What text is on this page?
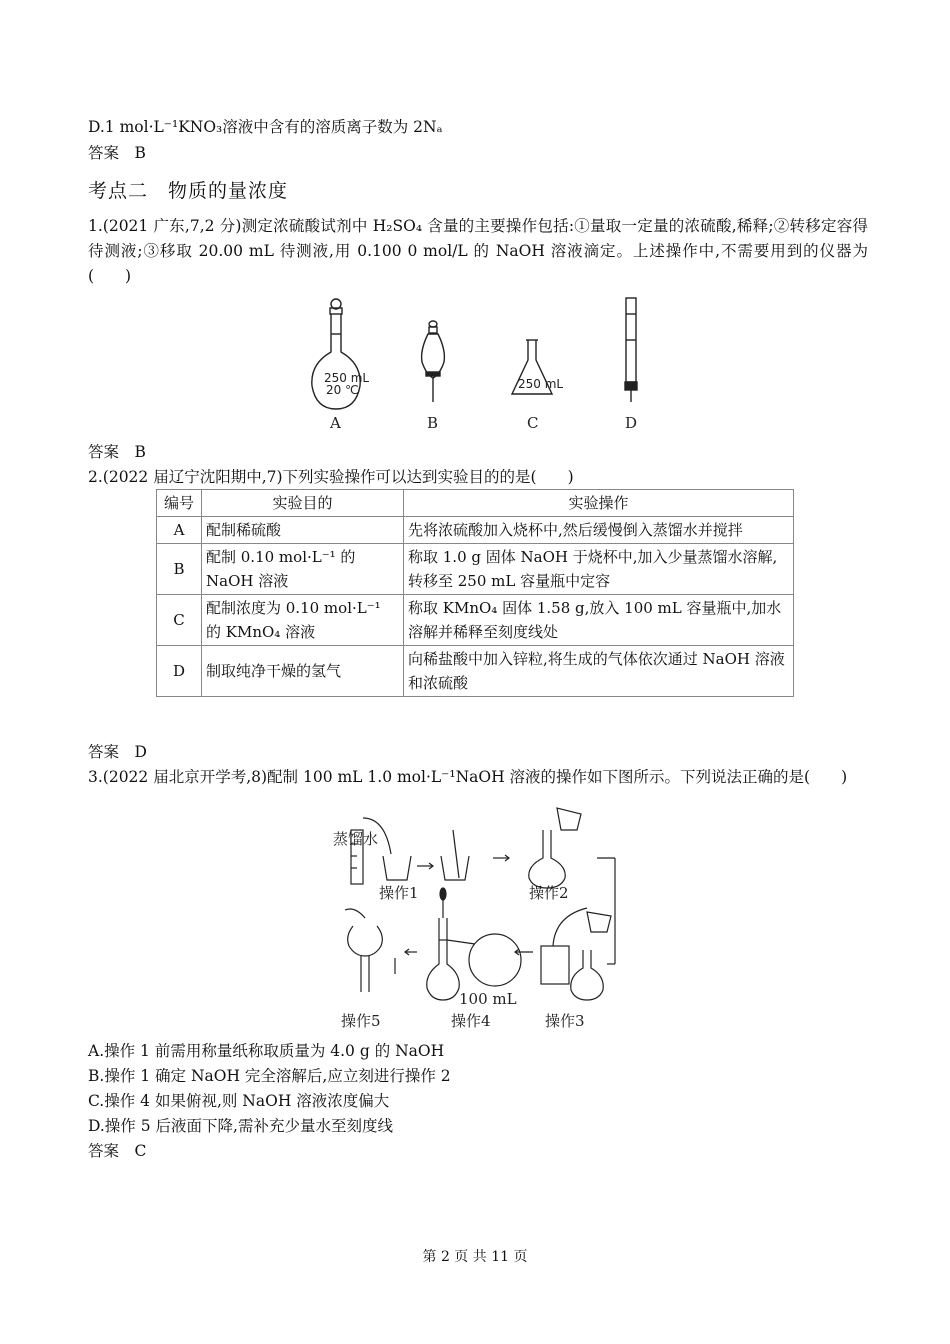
D.1 mol·L⁻¹KNO₃溶液中含有的溶质离子数为 2Nₐ
答案　B
考点二　物质的量浓度
1.(2021 广东,7,2 分)测定浓硫酸试剂中 H₂SO₄ 含量的主要操作包括:①量取一定量的浓硫酸,稀释;②转移定容得待测液;③移取 20.00 mL 待测液,用 0.100 0 mol/L 的 NaOH 溶液滴定。上述操作中,不需要用到的仪器为(　　)
250 mL
20 ℃	250 mL
A	B	C	D
答案　B
2.(2022 届辽宁沈阳期中,7)下列实验操作可以达到实验目的的是(　　)
编号	实验目的	实验操作
A	配制稀硫酸	先将浓硫酸加入烧杯中,然后缓慢倒入蒸馏水并搅拌
B	配制 0.10 mol·L⁻¹ 的 NaOH 溶液	称取 1.0 g 固体 NaOH 于烧杯中,加入少量蒸馏水溶解,转移至 250 mL 容量瓶中定容
C	配制浓度为 0.10 mol·L⁻¹ 的 KMnO₄ 溶液	称取 KMnO₄ 固体 1.58 g,放入 100 mL 容量瓶中,加水溶解并稀释至刻度线处
D	制取纯净干燥的氢气	向稀盐酸中加入锌粒,将生成的气体依次通过 NaOH 溶液和浓硫酸
答案　D
3.(2022 届北京开学考,8)配制 100 mL 1.0 mol·L⁻¹NaOH 溶液的操作如下图所示。下列说法正确的是(　　)
蒸馏水
操作1	操作2
操作3
操作4
操作5
100 mL
A.操作 1 前需用称量纸称取质量为 4.0 g 的 NaOH
B.操作 1 确定 NaOH 完全溶解后,应立刻进行操作 2
C.操作 4 如果俯视,则 NaOH 溶液浓度偏大
D.操作 5 后液面下降,需补充少量水至刻度线
答案　C
第 2 页 共 11 页
